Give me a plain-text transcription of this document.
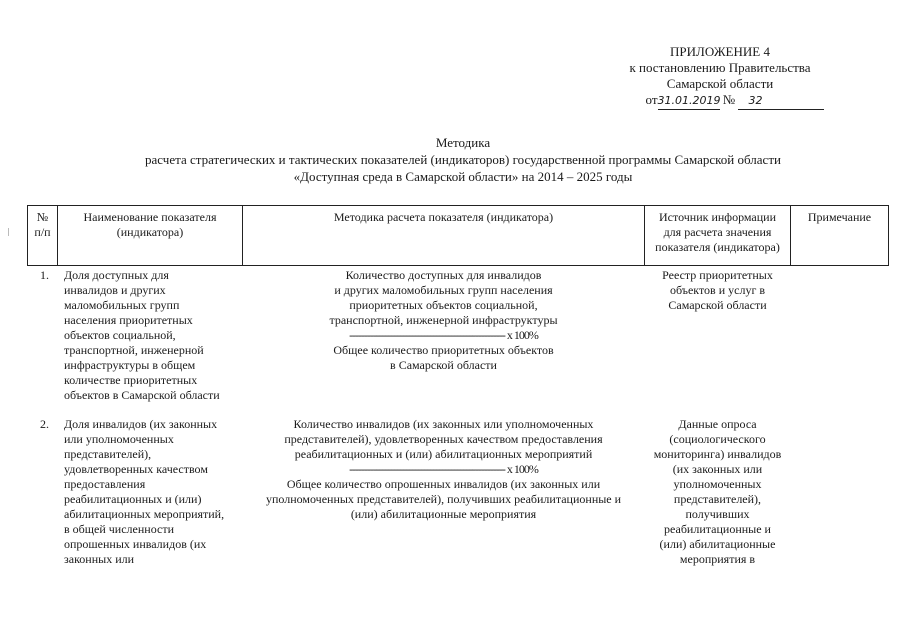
ПРИЛОЖЕНИЕ 4
к постановлению Правительства
Самарской области
от31.01.2019 № 32
Методика
расчета стратегических и тактических показателей (индикаторов) государственной программы Самарской области
«Доступная среда в Самарской области» на 2014 – 2025 годы
№
п/п
Наименование показателя
(индикатора)
Методика расчета показателя (индикатора)	Источник информации
для расчета значения
показателя (индикатора)
Примечание
1. Доля доступных для
инвалидов и других
маломобильных групп
населения приоритетных
объектов социальной,
транспортной, инженерной
инфраструктуры в общем
количестве приоритетных
объектов в Самарской области
Количество доступных для инвалидов
и других маломобильных групп населения
приоритетных объектов социальной,
транспортной, инженерной инфраструктуры
---------------------------------------------------- x 100%
Общее количество приоритетных объектов
в Самарской области
Реестр приоритетных
объектов и услуг в
Самарской области
2. Доля инвалидов (их законных
или уполномоченных
представителей),
удовлетворенных качеством
предоставления
реабилитационных и (или)
абилитационных мероприятий,
в общей численности
опрошенных инвалидов (их
законных или
Количество инвалидов (их законных или уполномоченных
представителей), удовлетворенных качеством предоставления
реабилитационных и (или) абилитационных мероприятий
---------------------------------------------------- x 100%
Общее количество опрошенных инвалидов (их законных или
уполномоченных представителей), получивших реабилитационные и
(или) абилитационные мероприятия
Данные опроса
(социологического
мониторинга) инвалидов
(их законных или
уполномоченных
представителей),
получивших
реабилитационные и
(или) абилитационные
мероприятия в
